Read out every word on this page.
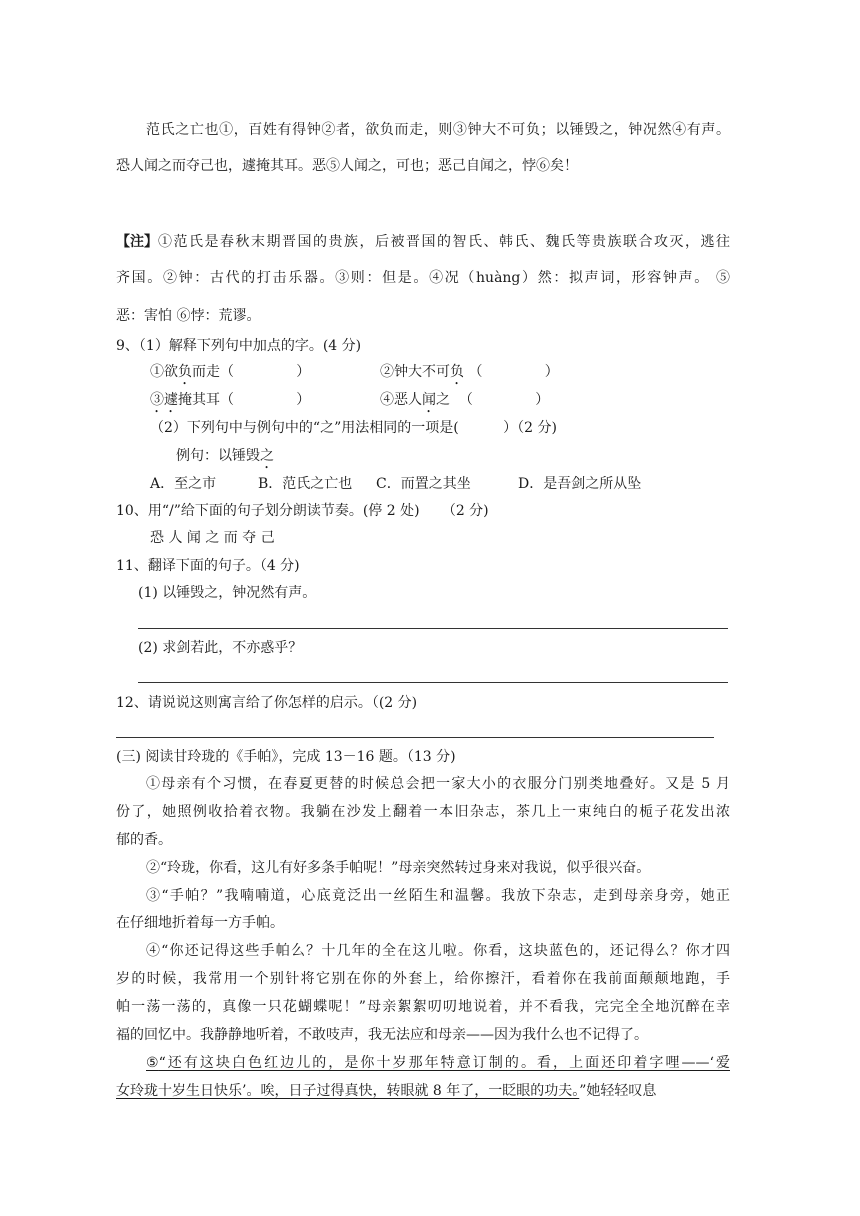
范氏之亡也①，百姓有得钟②者，欲负而走，则③钟大不可负；以锤毁之，钟况然④有声。
恐人闻之而夺己也，遽掩其耳。恶⑤人闻之，可也；恶己自闻之，悖⑥矣！
【注】 ①范氏是春秋末期晋国的贵族，后被晋国的智氏、韩氏、魏氏等贵族联合攻灭，逃往
齐国。②钟：古代的打击乐器。③则：但是。④况（huàng）然：拟声词，形容钟声。 ⑤
恶：害怕 ⑥悖：荒谬。
9、（1）解释下列句中加点的字。(4 分)
①欲负而走（              ）	②钟大不可负 （              ）
③遽掩其耳（              ）	④恶人闻之  （              ）
（2）下列句中与例句中的“之”用法相同的一项是(          ）（2 分)
例句：以锤毁之
A．至之市	B．范氏之亡也 C．而置之其坐	D．是吾剑之所从坠
10、用“/”给下面的句子划分朗读节奏。(停 2 处)     （2 分)
恐 人 闻 之 而 夺 己
11、翻译下面的句子。（4 分)
(1) 以锤毁之，钟况然有声。
(2) 求剑若此，不亦惑乎？
12、请说说这则寓言给了你怎样的启示。（(2 分)
(三) 阅读甘玲珑的《手帕》，完成 13－16 题。（13 分)
①母亲有个习惯，在春夏更替的时候总会把一家大小的衣服分门别类地叠好。又是 5 月
份了，她照例收拾着衣物。我躺在沙发上翻着一本旧杂志，茶几上一束纯白的栀子花发出浓
郁的香。
②“玲珑，你看，这儿有好多条手帕呢！”母亲突然转过身来对我说，似乎很兴奋。
③“手帕？”我喃喃道，心底竟泛出一丝陌生和温馨。我放下杂志，走到母亲身旁，她正
在仔细地折着每一方手帕。
④“你还记得这些手帕么？十几年的全在这儿啦。你看，这块蓝色的，还记得么？你才四
岁的时候，我常用一个别针将它别在你的外套上，给你擦汗，看着你在我前面颠颠地跑，手
帕一荡一荡的，真像一只花蝴蝶呢！”母亲絮絮叨叨地说着，并不看我，完完全全地沉醉在幸
福的回忆中。我静静地听着，不敢吱声，我无法应和母亲——因为我什么也不记得了。
⑤ “还有这块白色红边儿的，是你十岁那年特意订制的。看，上面还印着字哩——‘爱
女玲珑十岁生日快乐’。唉，日子过得真快，转眼就 8 年了，一眨眼的功夫。”她轻轻叹息
